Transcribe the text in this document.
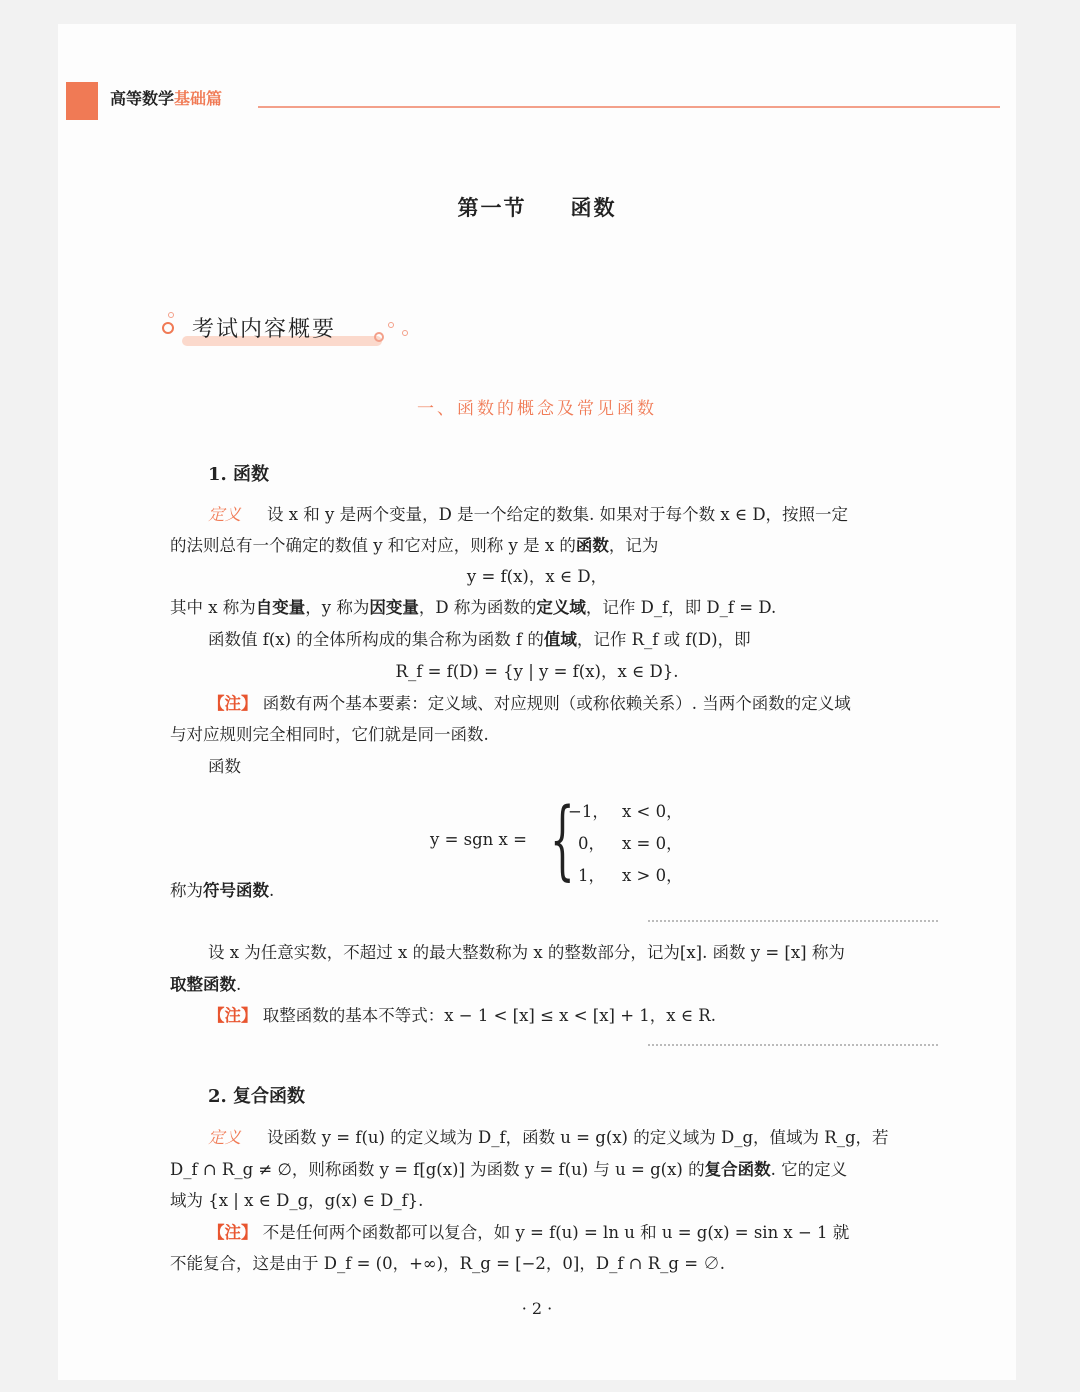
高等数学基础篇
第一节 函数
考试内容概要
一、函数的概念及常见函数
1. 函数
定义 设 x 和 y 是两个变量，D 是一个给定的数集. 如果对于每个数 x ∈ D，按照一定
的法则总有一个确定的数值 y 和它对应，则称 y 是 x 的函数，记为
y = f(x)，x ∈ D，
其中 x 称为自变量，y 称为因变量，D 称为函数的定义域，记作 D_f，即 D_f = D.
函数值 f(x) 的全体所构成的集合称为函数 f 的值域，记作 R_f 或 f(D)，即
R_f = f(D) = {y | y = f(x)，x ∈ D}.
【注】 函数有两个基本要素：定义域、对应规则（或称依赖关系）. 当两个函数的定义域
与对应规则完全相同时，它们就是同一函数.
函数
y = sgn x = {
−1， x < 0，
0， x = 0，
1， x > 0，
称为符号函数.
设 x 为任意实数，不超过 x 的最大整数称为 x 的整数部分，记为[x]. 函数 y = [x] 称为
取整函数.
【注】 取整函数的基本不等式：x − 1 < [x] ≤ x < [x] + 1，x ∈ R.
2. 复合函数
定义 设函数 y = f(u) 的定义域为 D_f，函数 u = g(x) 的定义域为 D_g，值域为 R_g，若
D_f ∩ R_g ≠ ∅，则称函数 y = f[g(x)] 为函数 y = f(u) 与 u = g(x) 的复合函数. 它的定义
域为 {x | x ∈ D_g，g(x) ∈ D_f}.
【注】 不是任何两个函数都可以复合，如 y = f(u) = ln u 和 u = g(x) = sin x − 1 就
不能复合，这是由于 D_f = (0，+∞)，R_g = [−2，0]，D_f ∩ R_g = ∅.
· 2 ·
